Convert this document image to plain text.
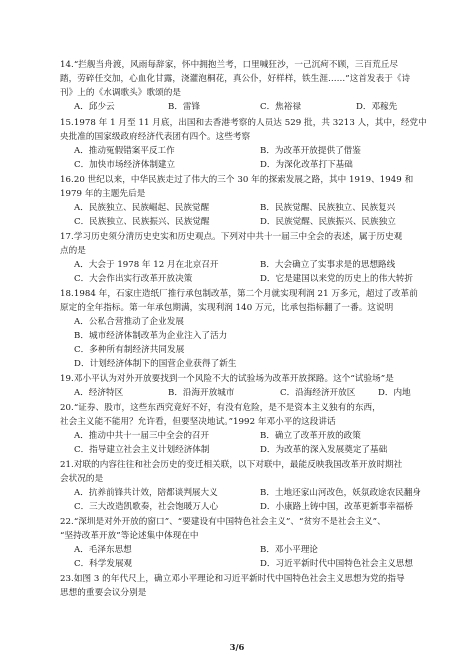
14.“拦舰当舟渡，风雨每辞家，怀中拥抱兰考，口里喊狂沙，一己沉疴不顾，三百荒丘尽
踏，劳碎任交加，心血化甘露，浇灌泡桐花，真公仆，好样样，铁生涯……”这首发表于《诗
刊》上的《水调歌头》歌颂的是
A．邱少云	B．雷锋	C．焦裕禄	D．邓稼先
15.1978 年 1 月至 11 月底，出国和去香港考察的人员达 529 批，共 3213 人，其中，经党中
央批准的国家级政府经济代表团有四个。这些考察
A．推动冤假错案平反工作	B．为改革开放提供了借鉴
C．加快市场经济体制建立	D．为深化改革打下基础
16.20 世纪以来，中华民族走过了伟大的三个 30 年的探索发展之路，其中 1919、1949 和
1979 年的主题先后是
A．民族独立、民族崛起、民族觉醒	B．民族觉醒、民族独立、民族复兴
C．民族独立、民族振兴、民族觉醒	D．民族觉醒、民族振兴、民族独立
17.学习历史须分清历史史实和历史观点。下列对中共十一届三中全会的表述，属于历史观
点的是
A．大会于 1978 年 12 月在北京召开	B．大会确立了实事求是的思想路线
C．大会作出实行改革开放决策	D．它是建国以来党的历史上的伟大转折
18.1984 年，石家庄造纸厂推行承包制改革，第二个月就实现利润 21 万多元，超过了改革前
原定的全年指标。第一年承包期满，实现利润 140 万元，比承包指标翻了一番。这说明
A．公私合营推动了企业发展
B．城市经济体制改革为企业注入了活力
C．多种所有制经济共同发展
D．计划经济体制下的国营企业获得了新生
19.邓小平认为对外开放要找到一个风险不大的试验场为改革开放探路。这个“试验场”是
A．经济特区	B．沿海开放城市	C．沿海经济开放区	D．内地
20.“证券、股市，这些东西究竟好不好，有没有危险，是不是资本主义独有的东西，
社会主义能不能用？允许看，但要坚决地试。”1992 年邓小平的这段讲话
A．推动中共十一届三中全会的召开	B．确立了改革开放的政策
C．指导建立社会主义计划经济体制	D．为改革的深入发展奠定了基础
21.对联的内容往往和社会历史的变迁相关联，以下对联中，最能反映我国改革开放时期社
会状况的是
A．抗养前锋共计效，陪都谈判展大义	B．土地还家山河改色，妖氛政途农民翻身
C．三大改造凯歌奏，社会饱暖万人心	D．小康路上铸中国，改革更新事幸福桥
22.“深圳是对外开放的窗口”、“要建设有中国特色社会主义”、“贫穷不是社会主义”、
“坚持改革开放”等论述集中体现在中
A．毛泽东思想	B．邓小平理论
C．科学发展观	D．习近平新时代中国特色社会主义思想
23.如图 3 的年代尺上，确立邓小平理论和习近平新时代中国特色社会主义思想为党的指导
思想的重要会议分别是
3/6
